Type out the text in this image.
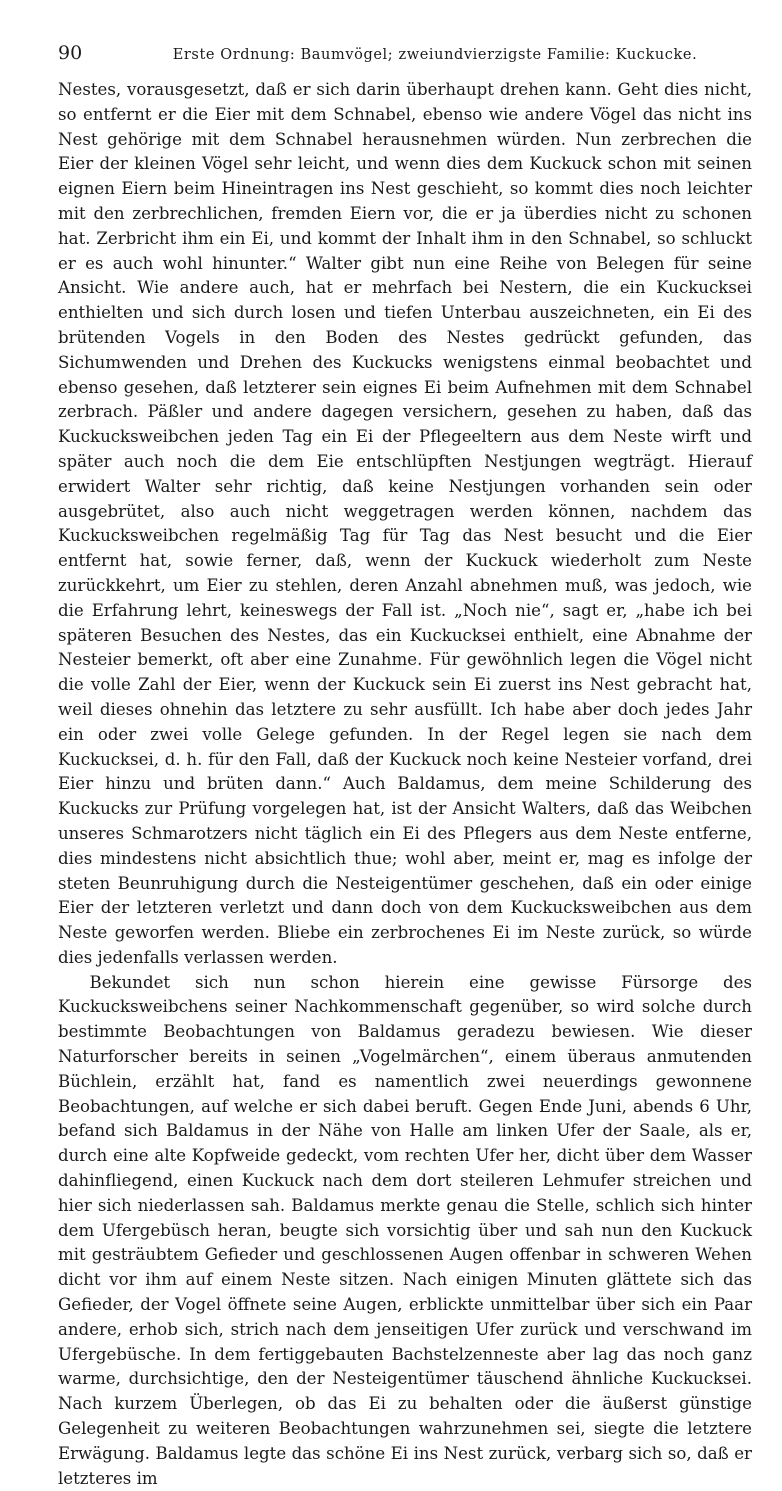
90	Erste Ordnung: Baumvögel; zweiundvierzigste Familie: Kuckucke.

Nestes, vorausgesetzt, daß er sich darin überhaupt drehen kann. Geht dies nicht, so entfernt er die Eier mit dem Schnabel, ebenso wie andere Vögel das nicht ins Nest gehörige mit dem Schnabel herausnehmen würden. Nun zerbrechen die Eier der kleinen Vögel sehr leicht, und wenn dies dem Kuckuck schon mit seinen eignen Eiern beim Hineintragen ins Nest geschieht, so kommt dies noch leichter mit den zerbrechlichen, fremden Eiern vor, die er ja überdies nicht zu schonen hat. Zerbricht ihm ein Ei, und kommt der Inhalt ihm in den Schnabel, so schluckt er es auch wohl hinunter.“ Walter gibt nun eine Reihe von Belegen für seine Ansicht. Wie andere auch, hat er mehrfach bei Nestern, die ein Kuckucksei enthielten und sich durch losen und tiefen Unterbau auszeichneten, ein Ei des brütenden Vogels in den Boden des Nestes gedrückt gefunden, das Sichumwenden und Drehen des Kuckucks wenigstens einmal beobachtet und ebenso gesehen, daß letzterer sein eignes Ei beim Aufnehmen mit dem Schnabel zerbrach. Päßler und andere dagegen versichern, gesehen zu haben, daß das Kuckucksweibchen jeden Tag ein Ei der Pflegeeltern aus dem Neste wirft und später auch noch die dem Eie entschlüpften Nestjungen wegträgt. Hierauf erwidert Walter sehr richtig, daß keine Nestjungen vorhanden sein oder ausgebrütet, also auch nicht weggetragen werden können, nachdem das Kuckucksweibchen regelmäßig Tag für Tag das Nest besucht und die Eier entfernt hat, sowie ferner, daß, wenn der Kuckuck wiederholt zum Neste zurückkehrt, um Eier zu stehlen, deren Anzahl abnehmen muß, was jedoch, wie die Erfahrung lehrt, keineswegs der Fall ist. „Noch nie“, sagt er, „habe ich bei späteren Besuchen des Nestes, das ein Kuckucksei enthielt, eine Abnahme der Nesteier bemerkt, oft aber eine Zunahme. Für gewöhnlich legen die Vögel nicht die volle Zahl der Eier, wenn der Kuckuck sein Ei zuerst ins Nest gebracht hat, weil dieses ohnehin das letztere zu sehr ausfüllt. Ich habe aber doch jedes Jahr ein oder zwei volle Gelege gefunden. In der Regel legen sie nach dem Kuckucksei, d. h. für den Fall, daß der Kuckuck noch keine Nesteier vorfand, drei Eier hinzu und brüten dann.“ Auch Baldamus, dem meine Schilderung des Kuckucks zur Prüfung vorgelegen hat, ist der Ansicht Walters, daß das Weibchen unseres Schmarotzers nicht täglich ein Ei des Pflegers aus dem Neste entferne, dies mindestens nicht absichtlich thue; wohl aber, meint er, mag es infolge der steten Beunruhigung durch die Nesteigentümer geschehen, daß ein oder einige Eier der letzteren verletzt und dann doch von dem Kuckucksweibchen aus dem Neste geworfen werden. Bliebe ein zerbrochenes Ei im Neste zurück, so würde dies jedenfalls verlassen werden.

Bekundet sich nun schon hierein eine gewisse Fürsorge des Kuckucksweibchens seiner Nachkommenschaft gegenüber, so wird solche durch bestimmte Beobachtungen von Baldamus geradezu bewiesen. Wie dieser Naturforscher bereits in seinen „Vogelmärchen“, einem überaus anmutenden Büchlein, erzählt hat, fand es namentlich zwei neuerdings gewonnene Beobachtungen, auf welche er sich dabei beruft. Gegen Ende Juni, abends 6 Uhr, befand sich Baldamus in der Nähe von Halle am linken Ufer der Saale, als er, durch eine alte Kopfweide gedeckt, vom rechten Ufer her, dicht über dem Wasser dahinfliegend, einen Kuckuck nach dem dort steileren Lehmufer streichen und hier sich niederlassen sah. Baldamus merkte genau die Stelle, schlich sich hinter dem Ufergebüsch heran, beugte sich vorsichtig über und sah nun den Kuckuck mit gesträubtem Gefieder und geschlossenen Augen offenbar in schweren Wehen dicht vor ihm auf einem Neste sitzen. Nach einigen Minuten glättete sich das Gefieder, der Vogel öffnete seine Augen, erblickte unmittelbar über sich ein Paar andere, erhob sich, strich nach dem jenseitigen Ufer zurück und verschwand im Ufergebüsche. In dem fertiggebauten Bachstelzenneste aber lag das noch ganz warme, durchsichtige, den der Nesteigentümer täuschend ähnliche Kuckucksei. Nach kurzem Überlegen, ob das Ei zu behalten oder die äußerst günstige Gelegenheit zu weiteren Beobachtungen wahrzunehmen sei, siegte die letztere Erwägung. Baldamus legte das schöne Ei ins Nest zurück, verbarg sich so, daß er letzteres im
